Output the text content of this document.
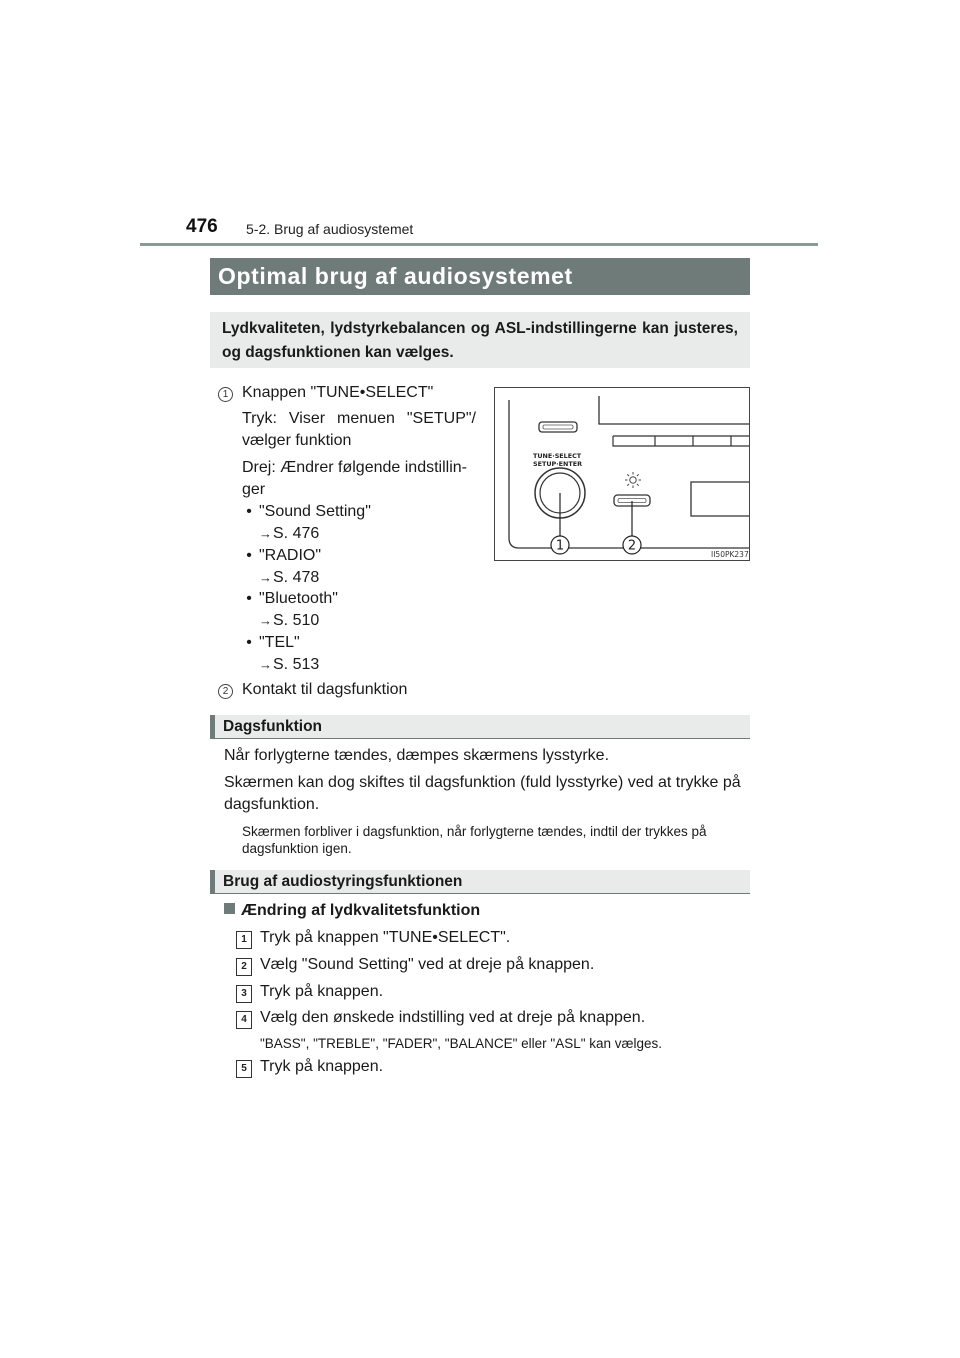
476 5-2. Brug af audiosystemet
Optimal brug af audiosystemet
Lydkvaliteten, lydstyrkebalancen og ASL-indstillingerne kan justeres, og dagsfunktionen kan vælges.
1 Knappen "TUNE•SELECT"
Tryk: Viser menuen "SETUP"/ vælger funktion
Drej: Ændrer følgende indstillin-ger
• "Sound Setting"
→S. 476
• "RADIO"
→S. 478
• "Bluetooth"
→S. 510
• "TEL"
→S. 513
2 Kontakt til dagsfunktion
TUNE·SELECT
SETUP·ENTER
1	2
II50PK237
Dagsfunktion
Når forlygterne tændes, dæmpes skærmens lysstyrke.
Skærmen kan dog skiftes til dagsfunktion (fuld lysstyrke) ved at trykke på dagsfunktion.
Skærmen forbliver i dagsfunktion, når forlygterne tændes, indtil der trykkes på dagsfunktion igen.
Brug af audiostyringsfunktionen
Ændring af lydkvalitetsfunktion
1 Tryk på knappen "TUNE•SELECT".
2 Vælg "Sound Setting" ved at dreje på knappen.
3 Tryk på knappen.
4 Vælg den ønskede indstilling ved at dreje på knappen.
"BASS", "TREBLE", "FADER", "BALANCE" eller "ASL" kan vælges.
5 Tryk på knappen.
